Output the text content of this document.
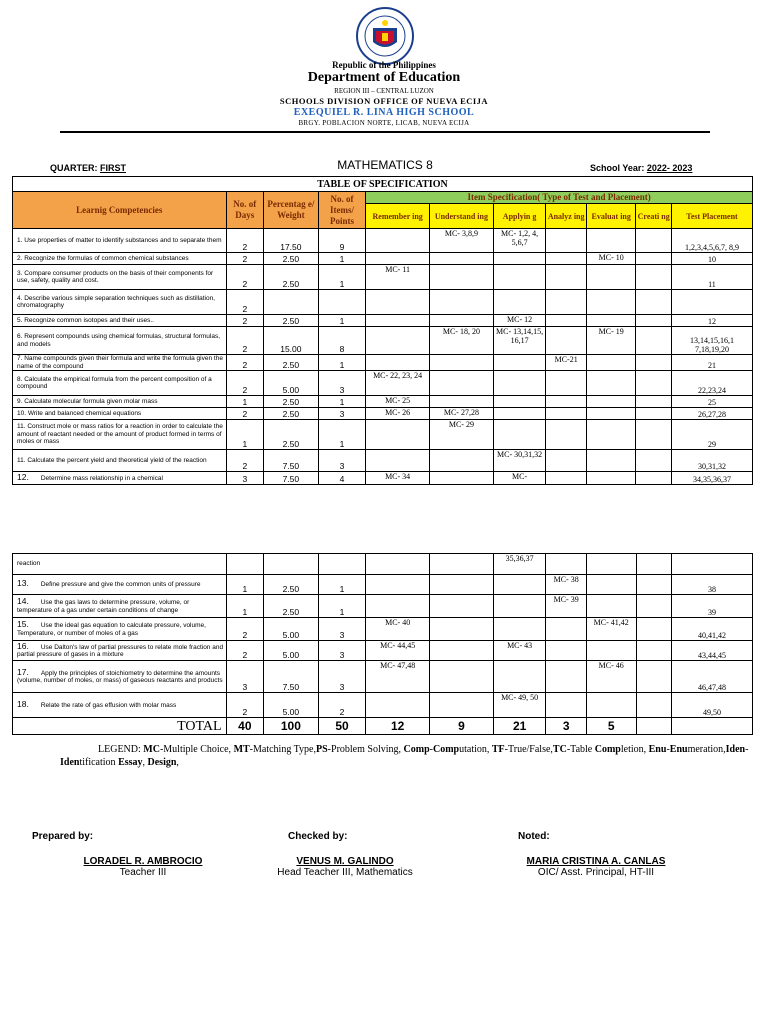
Republic of the Philippines
Department of Education
REGION III – CENTRAL LUZON
SCHOOLS DIVISION OFFICE OF NUEVA ECIJA
EXEQUIEL R. LINA HIGH SCHOOL
BRGY. POBLACION NORTE, LICAB, NUEVA ECIJA
QUARTER: FIRST	MATHEMATICS 8	School Year: 2022- 2023
TABLE OF SPECIFICATION										
Learnig Competencies	No. of Days	Percentag e/ Weight	No. of Items/ Points	Item Specification( Type of Test and Placement)						
				Remember ing	Understand ing	Applyin g	Analyz ing	Evaluat ing	Creati ng	Test Placement
1. Use properties of matter to identify substances and to separate them	2	17.50	9		MC- 3,8,9	MC- 1,2, 4, 5,6,7				1,2,3,4,5,6,7, 8,9
2. Recognize the formulas of common chemical substances	2	2.50	1					MC- 10		10
3. Compare consumer products on the basis of their components for use, safety, quality and cost.	2	2.50	1	MC- 11						11
4. Describe various simple separation techniques such as distillation, chromatography	2									
5. Recognize common isotopes and their uses..	2	2.50	1			MC- 12				12
6. Represent compounds using chemical formulas, structural formulas, and models	2	15.00	8		MC- 18, 20	MC- 13,14,15, 16,17		MC- 19		13,14,15,16,1 7,18,19,20
7. Name compounds given their formula and write the formula given the name of the compound	2	2.50	1				MC-21			21
8. Calculate the empirical formula from the percent composition of a compound	2	5.00	3	MC- 22, 23, 24						22,23,24
9. Calculate molecular formula given molar mass	1	2.50	1	MC- 25						25
10. Write and balanced chemical equations	2	2.50	3	MC- 26	MC- 27,28					26,27,28
11. Construct mole or mass ratios for a reaction in order to calculate the amount of reactant needed or the amount of product formed in terms of moles or mass	1	2.50	1		MC- 29					29
11. Calculate the percent yield and theoretical yield of the reaction	2	7.50	3			MC- 30,31,32				30,31,32
12. Determine mass relationship in a chemical	3	7.50	4	MC- 34		MC-				34,35,36,37
reaction						35,36,37				
13. Define pressure and give the common units of pressure	1	2.50	1				MC- 38			38
14. Use the gas laws to determine pressure, volume, or temperature of a gas under certain conditions of change	1	2.50	1				MC- 39			39
15. Use the ideal gas equation to calculate pressure, volume, Temperature, or number of moles of a gas	2	5.00	3	MC- 40				MC- 41,42		40,41,42
16. Use Dalton's law of partial pressures to relate mole fraction and partial pressure of gases in a mixture	2	5.00	3	MC- 44,45		MC- 43				43,44,45
17. Apply the principles of stoichiometry to determine the amounts (volume, number of moles, or mass) of gaseous reactants and products	3	7.50	3	MC- 47,48				MC- 46		46,47,48
18. Relate the rate of gas effusion with molar mass	2	5.00	2			MC- 49, 50				49,50
TOTAL	40	100	50	12	9	21	3	5		
LEGEND: MC-Multiple Choice, MT-Matching Type,PS-Problem Solving, Comp-Computation, TF-True/False,TC-Table Completion, Enu-Enumeration,Iden-Identification Essay, Design,
Prepared by:
LORADEL R. AMBROCIO
Teacher III
Checked by:
VENUS M. GALINDO
Head Teacher III, Mathematics
Noted:
MARIA CRISTINA A. CANLAS
OIC/ Asst. Principal, HT-III
